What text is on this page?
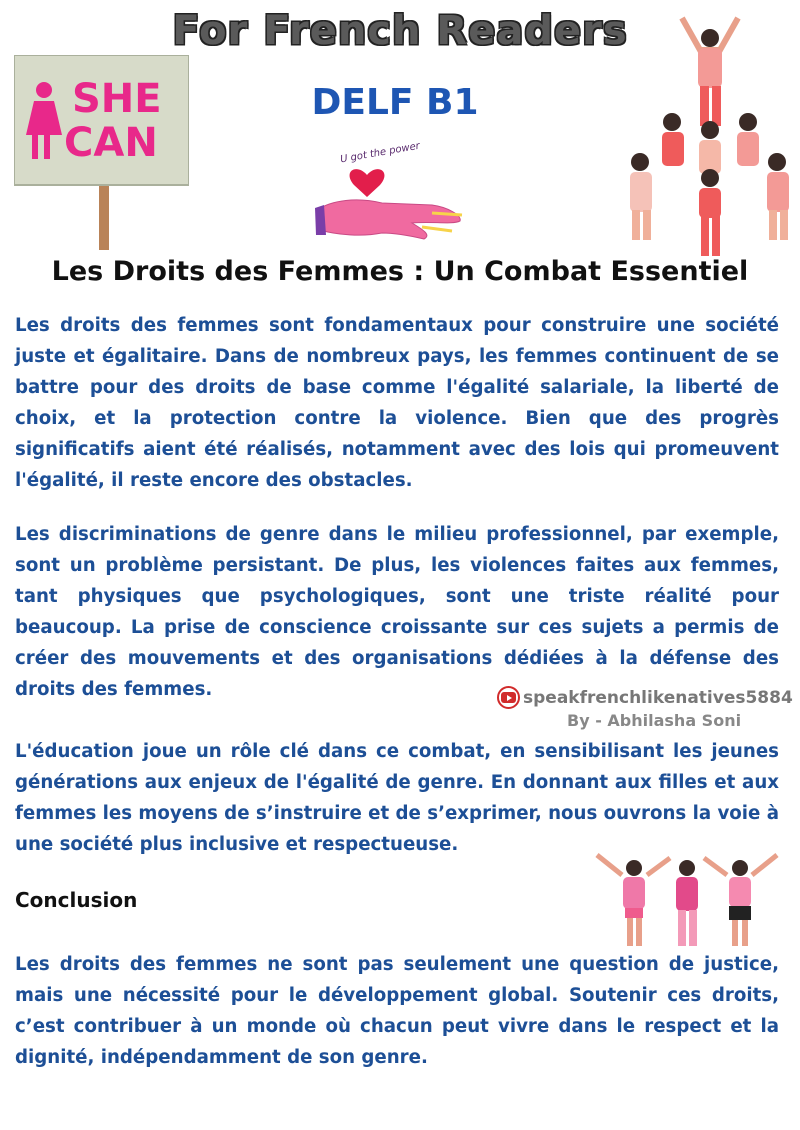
For French Readers
DELF B1
SHE
CAN	U got the power
Les Droits des Femmes : Un Combat Essentiel
Les droits des femmes sont fondamentaux pour construire une société juste et égalitaire. Dans de nombreux pays, les femmes continuent de se battre pour des droits de base comme l'égalité salariale, la liberté de choix, et la protection contre la violence. Bien que des progrès significatifs aient été réalisés, notamment avec des lois qui promeuvent l'égalité, il reste encore des obstacles.
Les discriminations de genre dans le milieu professionnel, par exemple, sont un problème persistant. De plus, les violences faites aux femmes, tant physiques que psychologiques, sont une triste réalité pour beaucoup. La prise de conscience croissante sur ces sujets a permis de créer des mouvements et des organisations dédiées à la défense des droits des femmes.	speakfrenchlikenatives5884
By - Abhilasha Soni
L'éducation joue un rôle clé dans ce combat, en sensibilisant les jeunes générations aux enjeux de l'égalité de genre. En donnant aux filles et aux femmes les moyens de s’instruire et de s’exprimer, nous ouvrons la voie à une société plus inclusive et respectueuse.
Conclusion
Les droits des femmes ne sont pas seulement une question de justice, mais une nécessité pour le développement global. Soutenir ces droits, c’est contribuer à un monde où chacun peut vivre dans le respect et la dignité, indépendamment de son genre.
